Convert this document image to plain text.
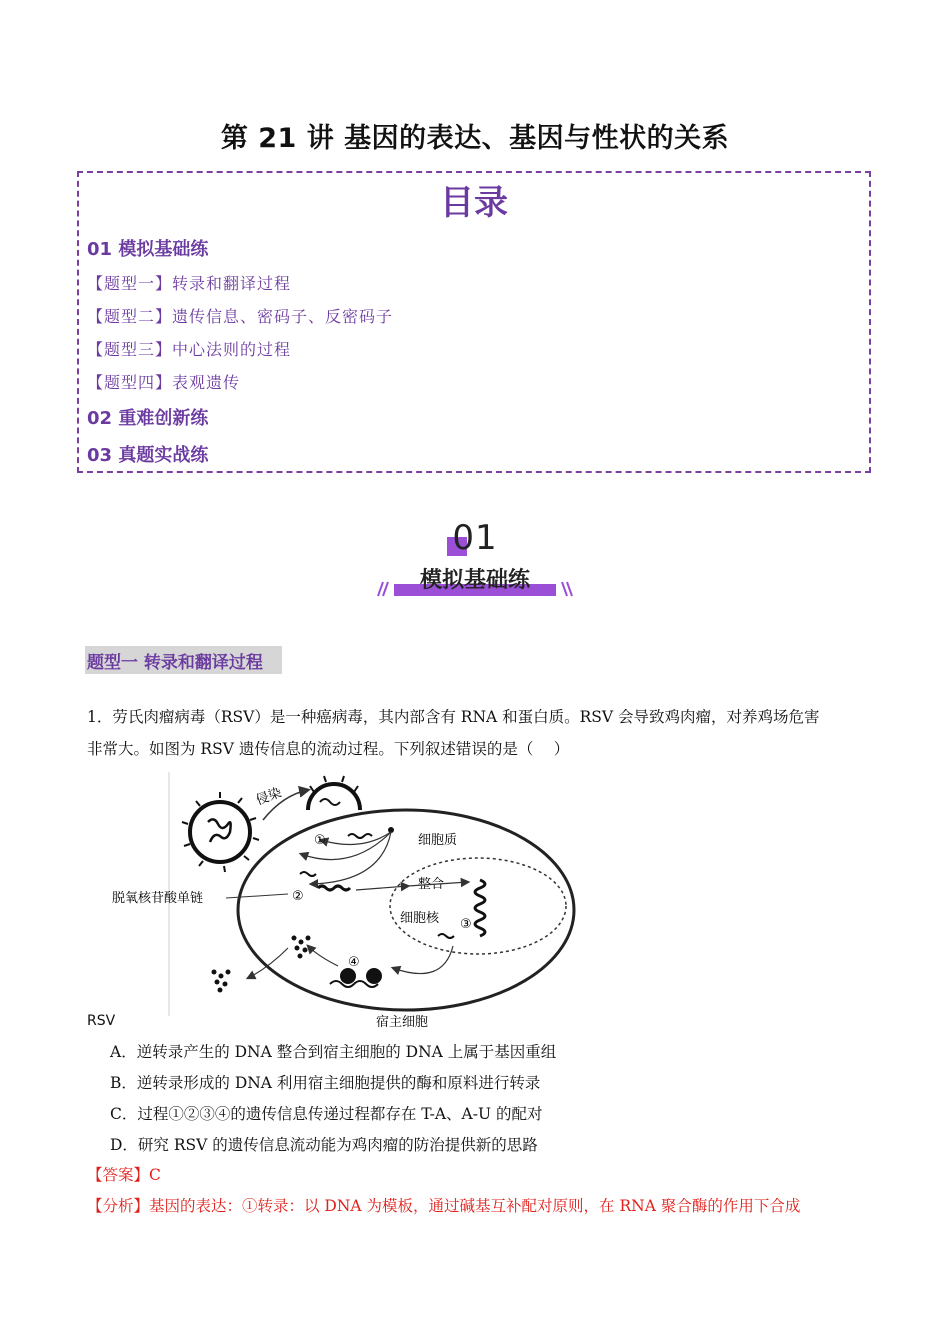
第 21 讲 基因的表达、基因与性状的关系
目录
01 模拟基础练
【题型一】转录和翻译过程
【题型二】遗传信息、密码子、反密码子
【题型三】中心法则的过程
【题型四】表观遗传
02 重难创新练
03 真题实战练
01
模拟基础练
题型一 转录和翻译过程
1．劳氏肉瘤病毒（RSV）是一种癌病毒，其内部含有 RNA 和蛋白质。RSV 会导致鸡肉瘤，对养鸡场危害
非常大。如图为 RSV 遗传信息的流动过程。下列叙述错误的是（　 ）
侵染
细胞质
①
②
整合
细胞核 ③
④
脱氧核苷酸单链
宿主细胞
RSV
A．逆转录产生的 DNA 整合到宿主细胞的 DNA 上属于基因重组
B．逆转录形成的 DNA 利用宿主细胞提供的酶和原料进行转录
C．过程①②③④的遗传信息传递过程都存在 T-A、A-U 的配对
D．研究 RSV 的遗传信息流动能为鸡肉瘤的防治提供新的思路
【答案】C
【分析】基因的表达：①转录：以 DNA 为模板，通过碱基互补配对原则，在 RNA 聚合酶的作用下合成
